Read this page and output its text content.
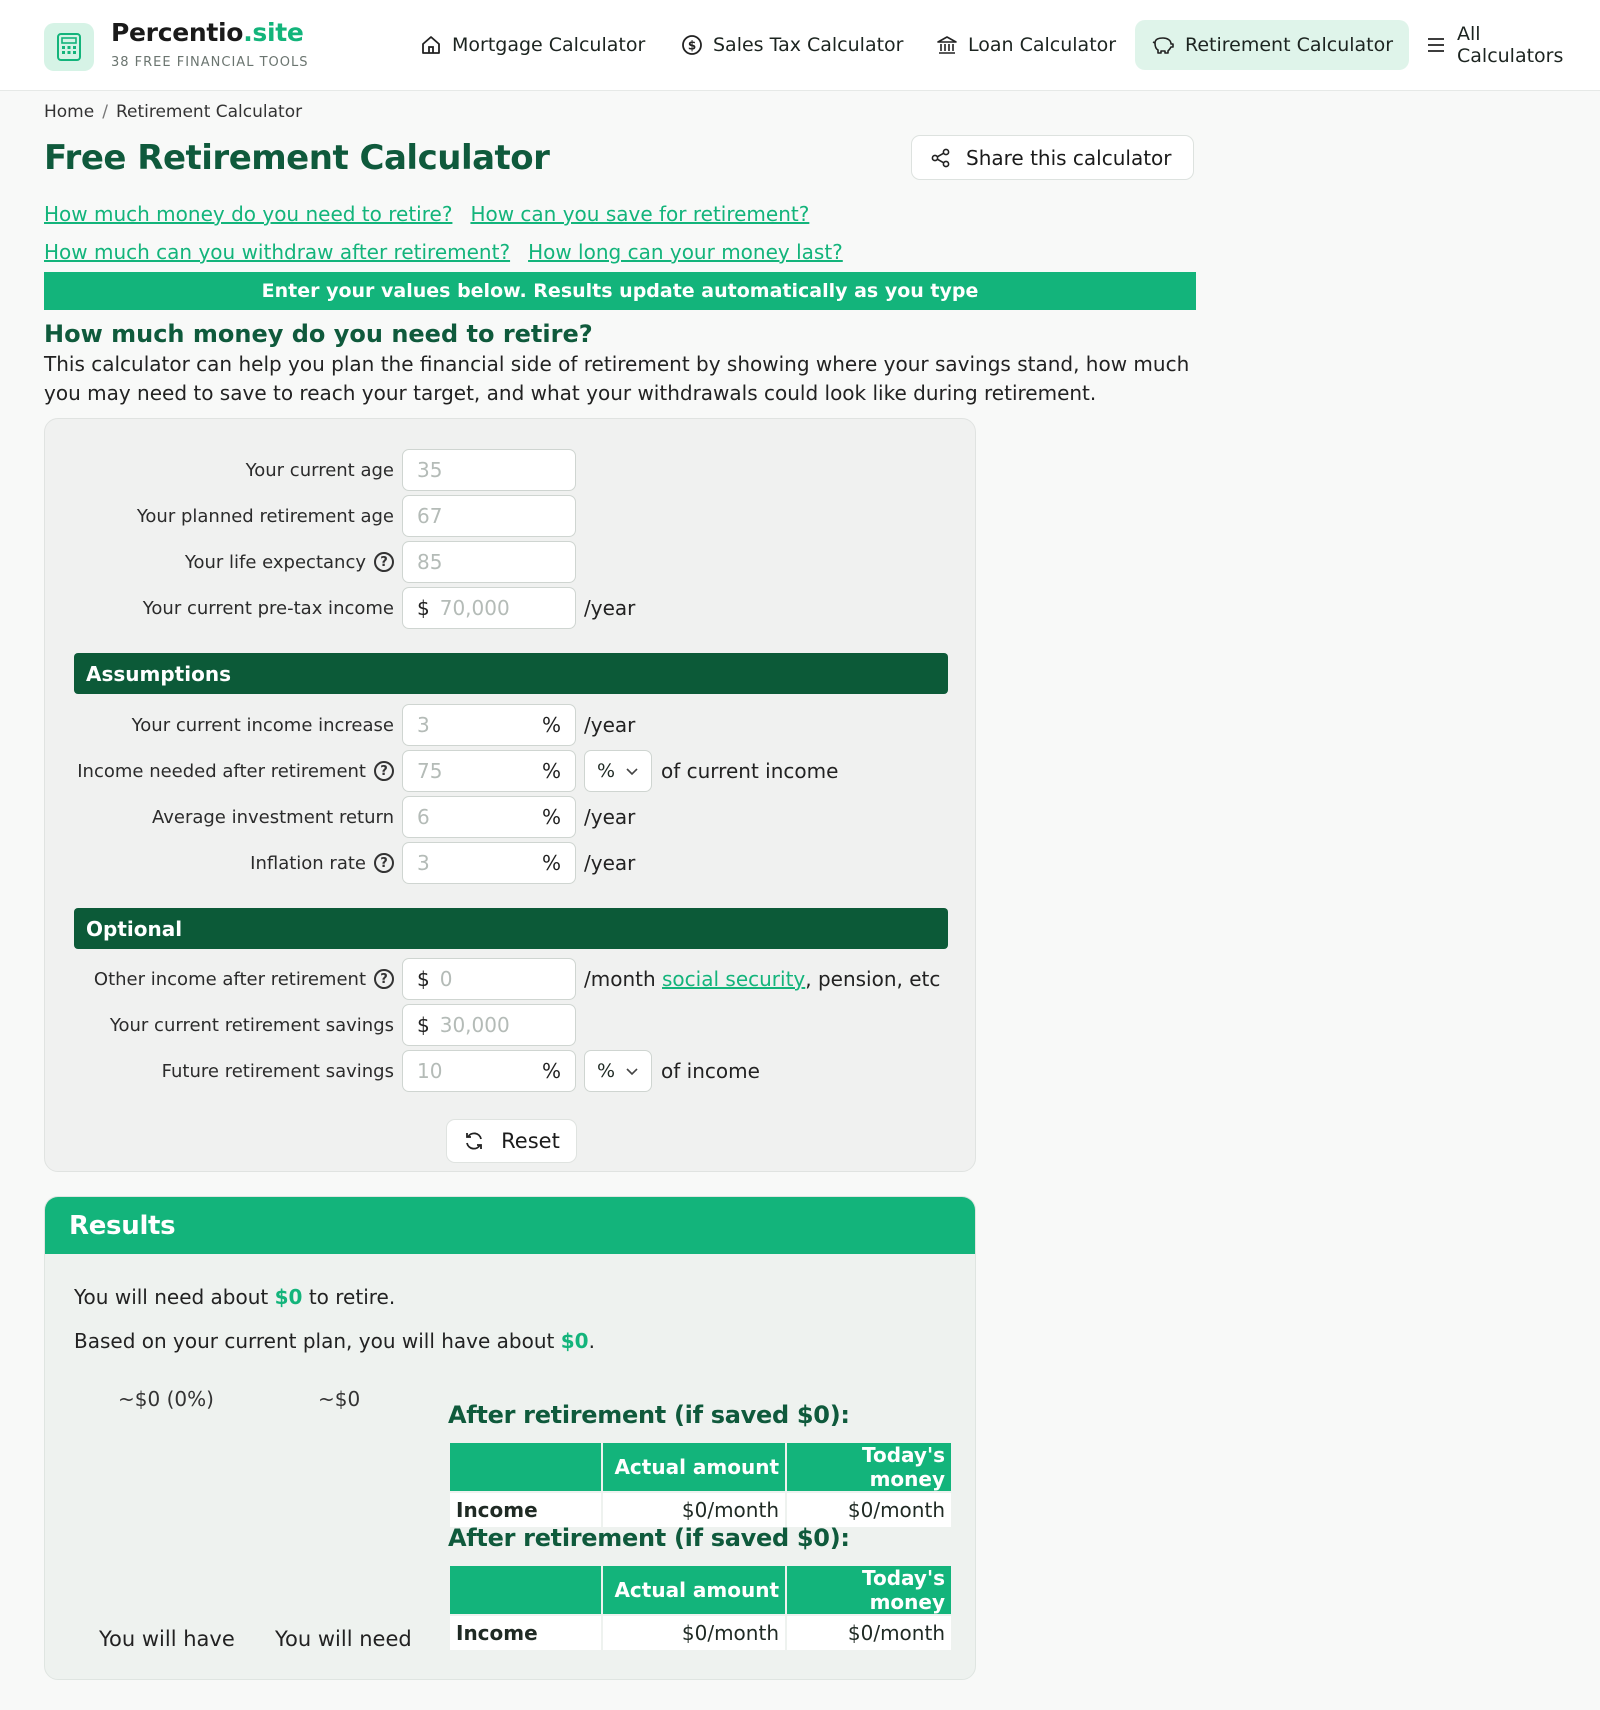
Percentio.site
38 FREE FINANCIAL TOOLS
Mortgage Calculator	$ Sales Tax Calculator	Loan Calculator	Retirement Calculator	All Calculators
Home / Retirement Calculator
Free Retirement Calculator	Share this calculator
How much money do you need to retire? How can you save for retirement?
How much can you withdraw after retirement? How long can your money last?
Enter your values below. Results update automatically as you type
How much money do you need to retire?

This calculator can help you plan the financial side of retirement by showing where your savings stand, how much you may need to save to reach your target, and what your withdrawals could look like during retirement.

Your current age
35
Your planned retirement age
67
Your life expectancy	?
85
Your current pre-tax income $
70,000	/year
Assumptions
Your current income increase
3	% /year
Income needed after retirement	?
75	% % of current income
Average investment return
6	% /year
Inflation rate	?
3	% /year
Optional
Other income after retirement	?	$
0	/month social security , pension, etc
Your current retirement savings $
30,000
Future retirement savings
10	% % of income
Reset
Results
You will need about $0 to retire.
Based on your current plan, you will have about $0.
~$0 (0%)	~$0
You will have You will need
After retirement (if saved $0):
	Actual amount	Today's money
Income	$0/month	$0/month
After retirement (if saved $0):
	Actual amount	Today's money
Income	$0/month	$0/month
